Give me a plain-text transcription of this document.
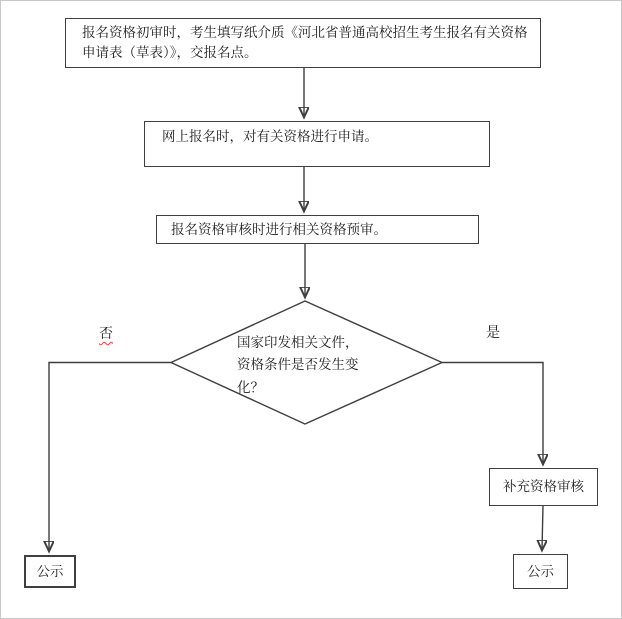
报名资格初审时，考生填写纸介质《河北省普通高校招生考生报名有关资格申请表（草表）》，交报名点。
网上报名时，对有关资格进行申请。
报名资格审核时进行相关资格预审。
国家印发相关文件，资格条件是否发生变化？
否	是
补充资格审核
公示	公示
